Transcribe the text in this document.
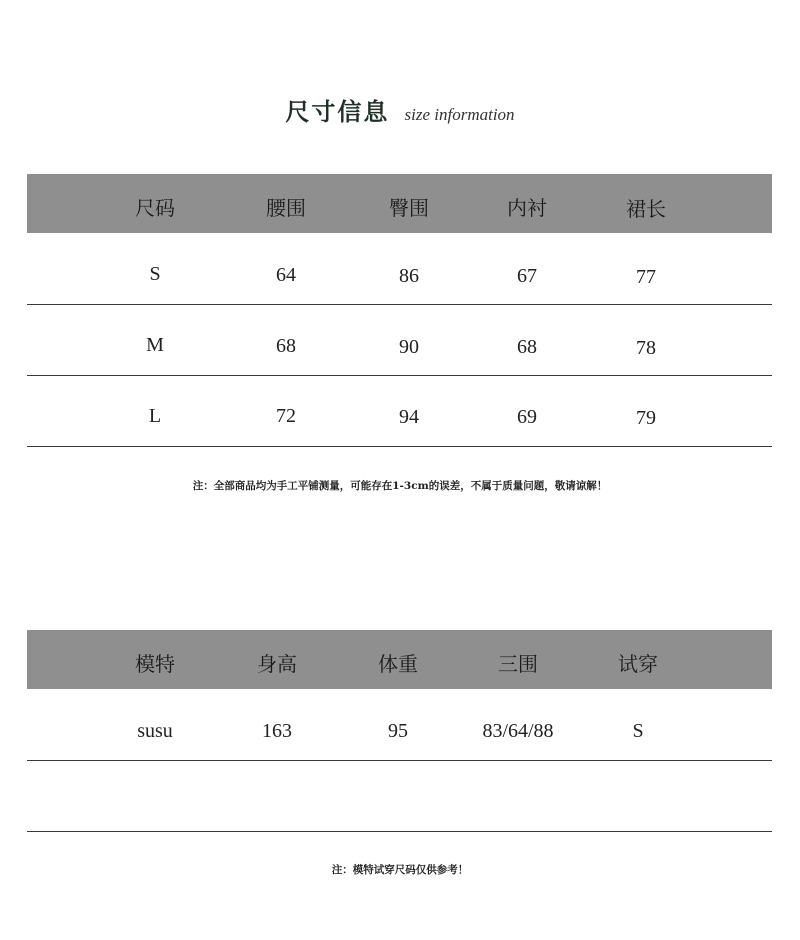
尺寸信息 size information
尺码	腰围	臀围	内衬	裙长
S	64	86	67	77
M	68	90	68	78
L	72	94	69	79
注：全部商品均为手工平铺测量，可能存在1-3cm的误差，不属于质量问题，敬请谅解！
模特	身高	体重	三围	试穿
susu	163	95	83/64/88	S
注：模特试穿尺码仅供参考！
